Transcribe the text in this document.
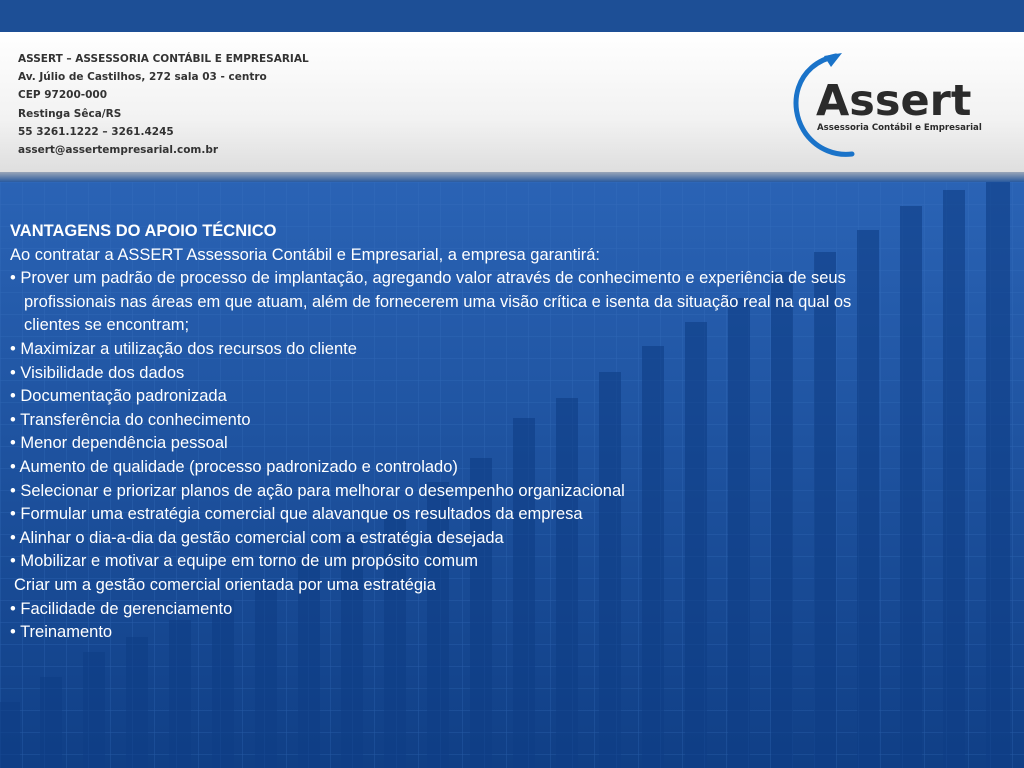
ASSERT – ASSESSORIA CONTÁBIL E EMPRESARIAL
Av. Júlio de Castilhos, 272 sala 03 - centro
CEP 97200-000
Restinga Sêca/RS
55 3261.1222 – 3261.4245
assert@assertempresarial.com.br
Assert
Assessoria Contábil e Empresarial
VANTAGENS DO APOIO TÉCNICO
Ao contratar a ASSERT Assessoria Contábil e Empresarial, a empresa garantirá:
• Prover um padrão de processo de implantação, agregando valor através de conhecimento e experiência de seus
profissionais nas áreas em que atuam, além de fornecerem uma visão crítica e isenta da situação real na qual os
clientes se encontram;
• Maximizar a utilização dos recursos do cliente
• Visibilidade dos dados
• Documentação padronizada
• Transferência do conhecimento
• Menor dependência pessoal
• Aumento de qualidade (processo padronizado e controlado)
• Selecionar e priorizar planos de ação para melhorar o desempenho organizacional
• Formular uma estratégia comercial que alavanque os resultados da empresa
• Alinhar o dia-a-dia da gestão comercial com a estratégia desejada
• Mobilizar e motivar a equipe em torno de um propósito comum
Criar um a gestão comercial orientada por uma estratégia
• Facilidade de gerenciamento
• Treinamento
